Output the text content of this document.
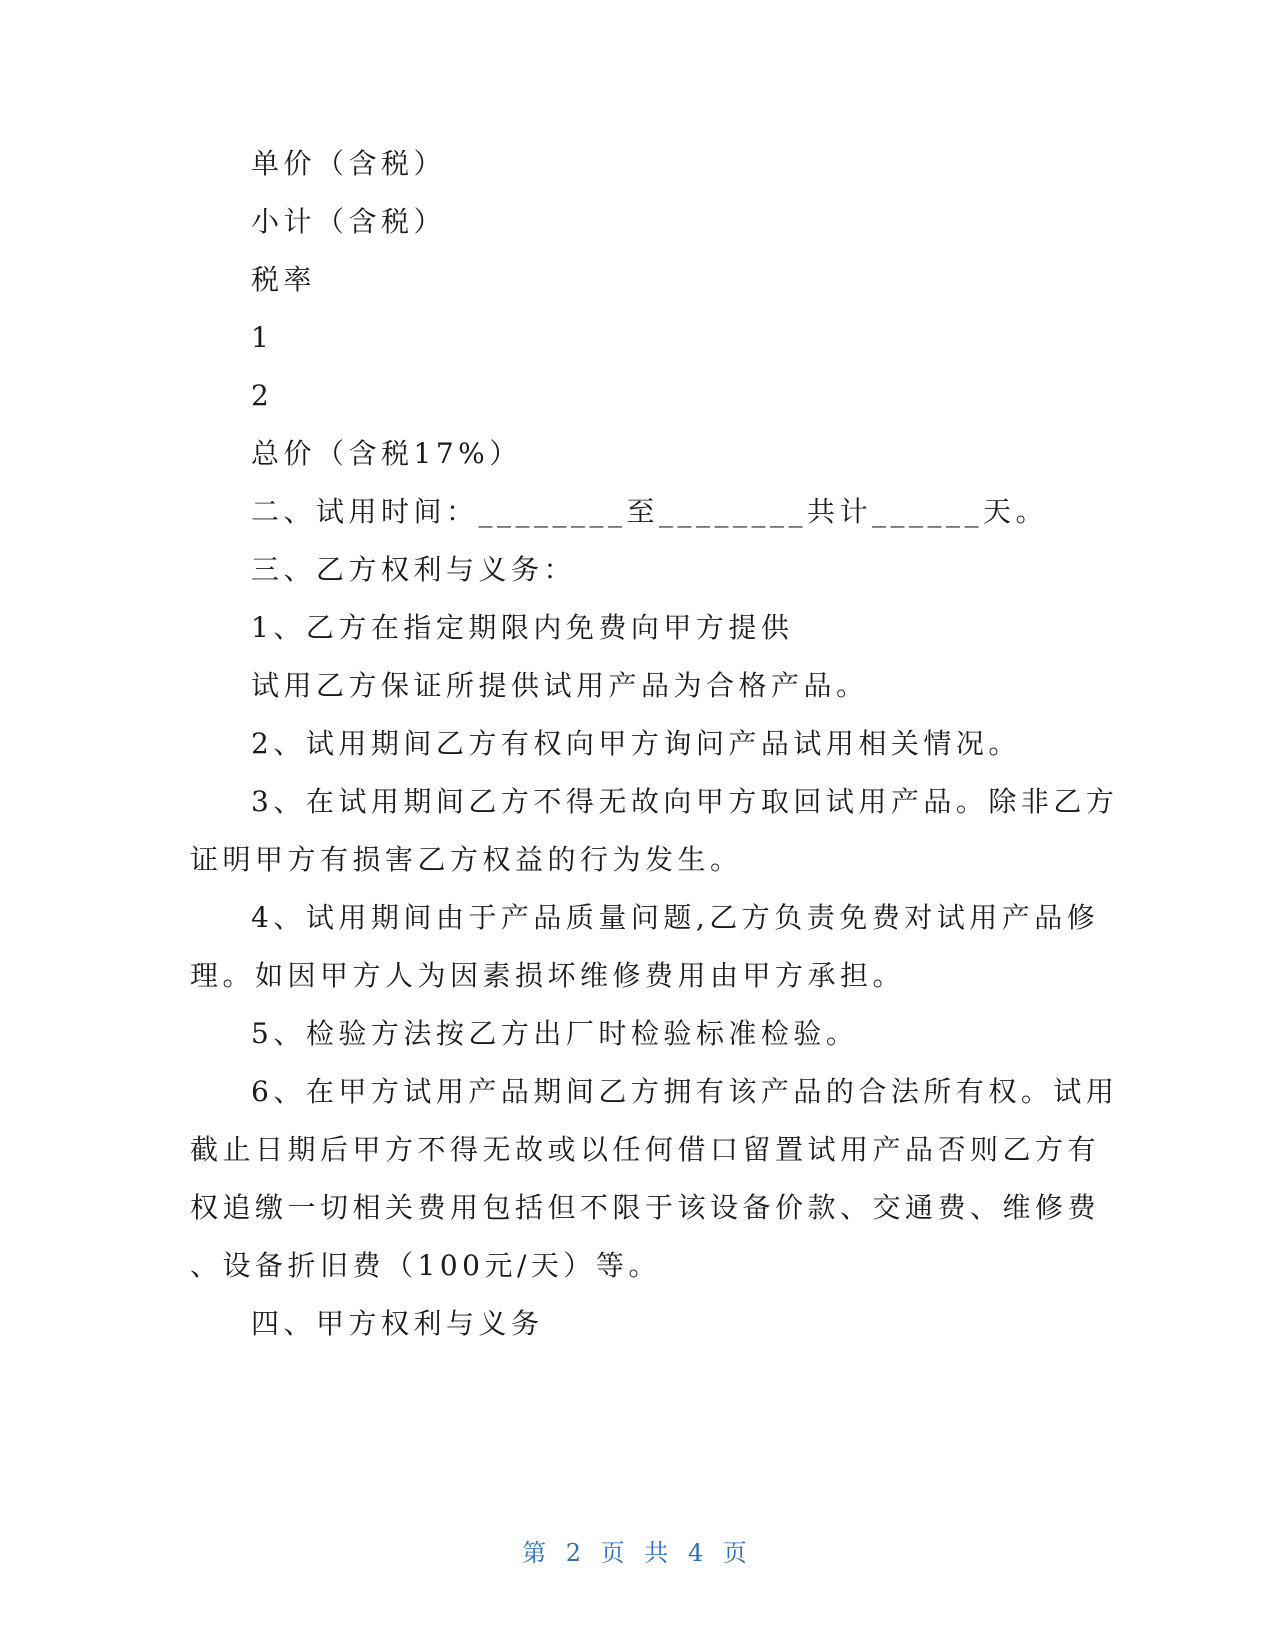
单价（含税）
小计（含税）
税率
1
2
总价（含税17%）
二、试用时间：________至________共计______天。
三、乙方权利与义务：
1、乙方在指定期限内免费向甲方提供
试用乙方保证所提供试用产品为合格产品。
2、试用期间乙方有权向甲方询问产品试用相关情况。
3、在试用期间乙方不得无故向甲方取回试用产品。除非乙方
证明甲方有损害乙方权益的行为发生。
4、试用期间由于产品质量问题,乙方负责免费对试用产品修
理。如因甲方人为因素损坏维修费用由甲方承担。
5、检验方法按乙方出厂时检验标准检验。
6、在甲方试用产品期间乙方拥有该产品的合法所有权。试用
截止日期后甲方不得无故或以任何借口留置试用产品否则乙方有
权追缴一切相关费用包括但不限于该设备价款、交通费、维修费
、设备折旧费（100元/天）等。
四、甲方权利与义务
第 2 页 共 4 页
